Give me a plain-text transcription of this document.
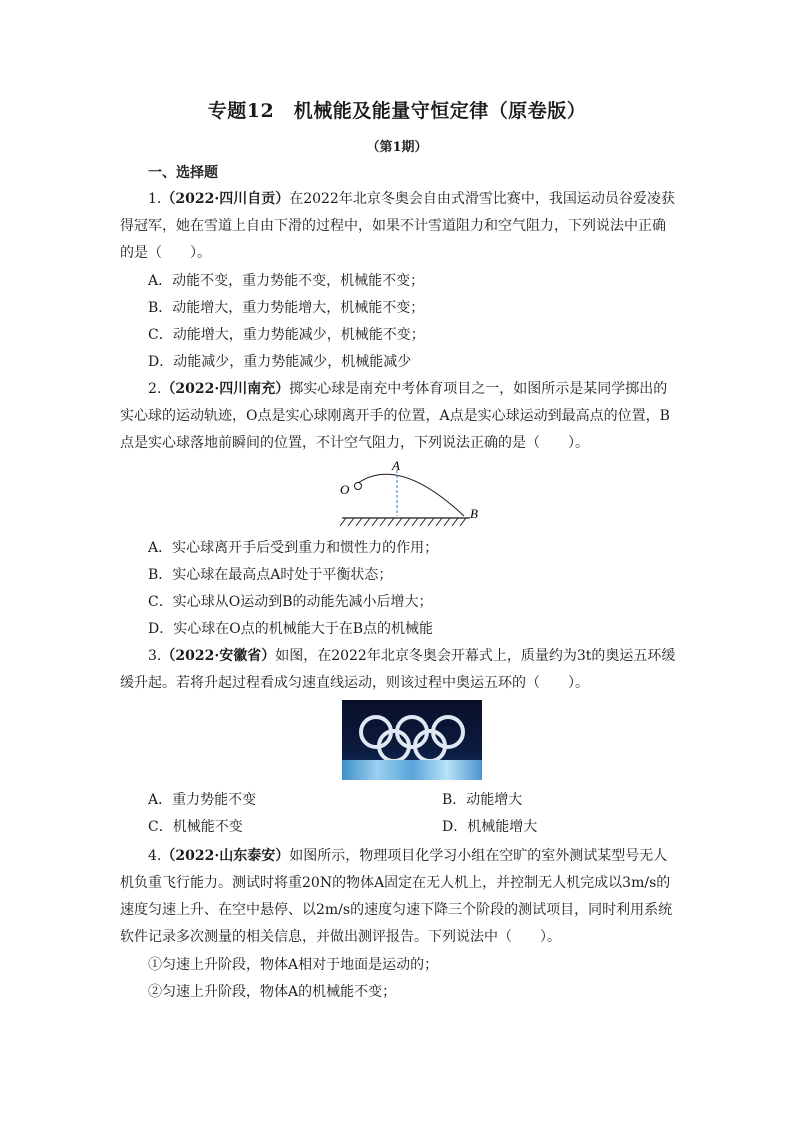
专题12　机械能及能量守恒定律（原卷版）
（第1期）
一、选择题
1.（2022·四川自贡）在2022年北京冬奥会自由式滑雪比赛中，我国运动员谷爱凌获得冠军，她在雪道上自由下滑的过程中，如果不计雪道阻力和空气阻力，下列说法中正确的是（　　）。
A．动能不变，重力势能不变，机械能不变；
B．动能增大，重力势能增大，机械能不变；
C．动能增大，重力势能减少，机械能不变；
D．动能减少，重力势能减少，机械能减少
2.（2022·四川南充）掷实心球是南充中考体育项目之一，如图所示是某同学掷出的实心球的运动轨迹，O点是实心球刚离开手的位置，A点是实心球运动到最高点的位置，B点是实心球落地前瞬间的位置，不计空气阻力，下列说法正确的是（　　）。
O
A
B
A．实心球离开手后受到重力和惯性力的作用；
B．实心球在最高点A时处于平衡状态；
C．实心球从O运动到B的动能先减小后增大；
D．实心球在O点的机械能大于在B点的机械能
3.（2022·安徽省）如图，在2022年北京冬奥会开幕式上，质量约为3t的奥运五环缓缓升起。若将升起过程看成匀速直线运动，则该过程中奥运五环的（　　）。
A．重力势能不变	B．动能增大
C．机械能不变	D．机械能增大
4.（2022·山东泰安）如图所示，物理项目化学习小组在空旷的室外测试某型号无人机负重飞行能力。测试时将重20N的物体A固定在无人机上，并控制无人机完成以3m/s的速度匀速上升、在空中悬停、以2m/s的速度匀速下降三个阶段的测试项目，同时利用系统软件记录多次测量的相关信息，并做出测评报告。下列说法中（　　）。
①匀速上升阶段，物体A相对于地面是运动的；
②匀速上升阶段，物体A的机械能不变；
